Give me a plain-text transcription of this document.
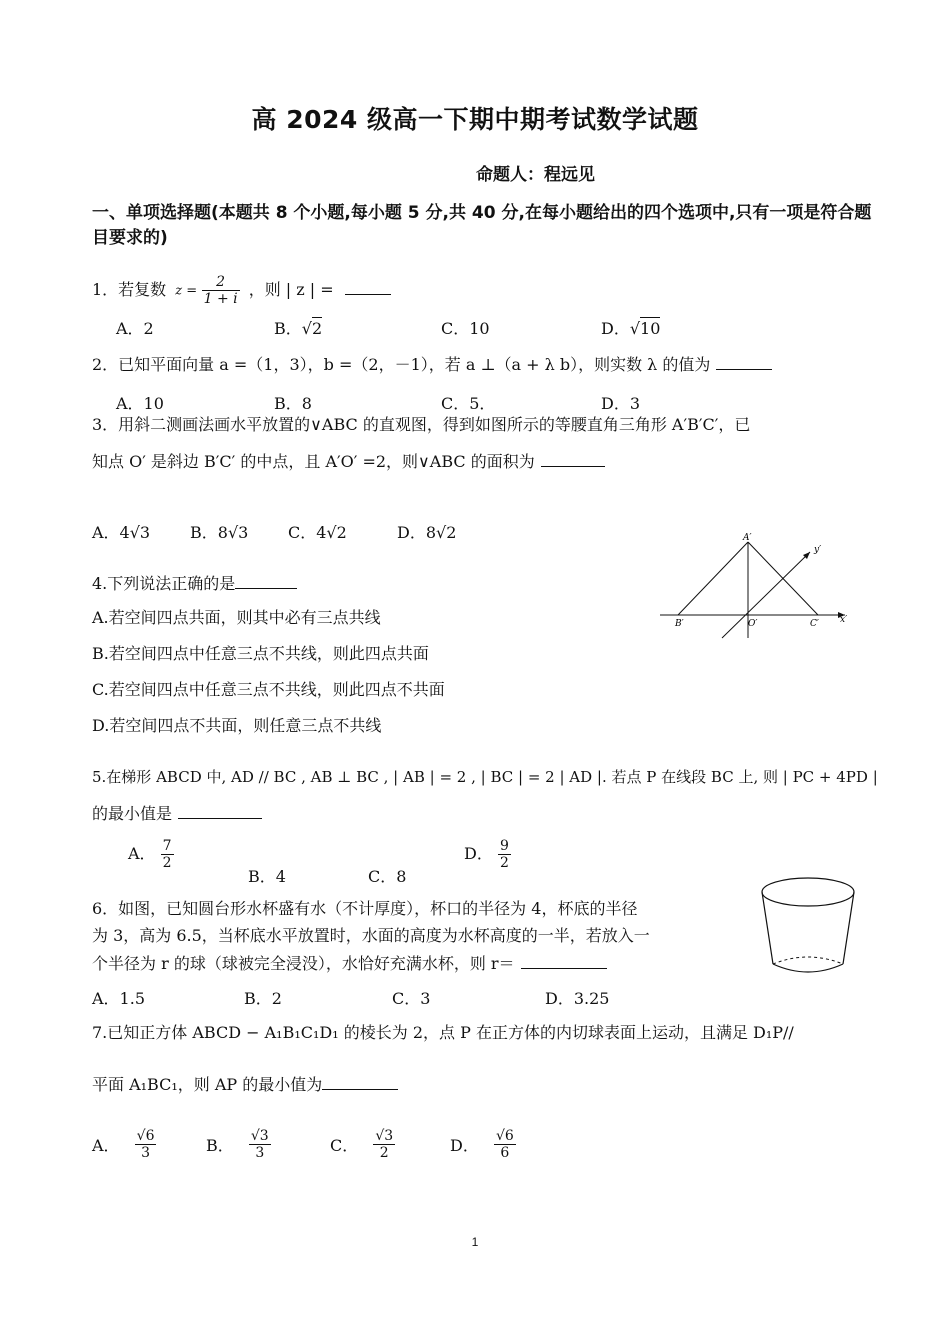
高 2024 级高一下期中期考试数学试题
命题人：程远见
一、单项选择题(本题共 8 个小题,每小题 5 分,共 40 分,在每小题给出的四个选项中,只有一项是符合题目要求的)
1．若复数 $z = \frac{2}{1 + i}$ ，则 | z | =
A．2	B．√2	C．10	D．√10
2．已知平面向量 a =（1，3），b =（2，－1），若 a ⊥（a + λ b），则实数 λ 的值为
A．10	B．8	C．5．	D．3
3．用斜二测画法画水平放置的∨ABC 的直观图，得到如图所示的等腰直角三角形 A′B′C′，已
知点 O′ 是斜边 B′C′ 的中点，且 A′O′ =2，则∨ABC 的面积为
A．4√3 B．8√3 C．4√2	D．8√2	A′
y′
B′	O′	C′ x′
4.下列说法正确的是
A.若空间四点共面，则其中必有三点共线
B.若空间四点中任意三点不共线，则此四点共面
C.若空间四点中任意三点不共线，则此四点不共面
D.若空间四点不共面，则任意三点不共线
5.在梯形 ABCD 中, AD // BC , AB ⊥ BC , | AB | = 2 , | BC | = 2 | AD |. 若点 P 在线段 BC 上, 则 | PC + 4PD |
的最小值是
A． $\frac{7}{2}$
B．4	C．8
D． $\frac{9}{2}$
6．如图，已知圆台形水杯盛有水（不计厚度），杯口的半径为 4，杯底的半径
为 3，高为 6.5，当杯底水平放置时，水面的高度为水杯高度的一半，若放入一
个半径为 r 的球（球被完全浸没），水恰好充满水杯，则 r＝
A．1.5	B．2	C．3	D．3.25
7.已知正方体 ABCD − A₁B₁C₁D₁ 的棱长为 2，点 P 在正方体的内切球表面上运动，且满足 D₁P//
平面 A₁BC₁，则 AP 的最小值为
A． $\frac{√6}{3}$	B． $\frac{√3}{3}$	C． $\frac{√3}{2}$	D． $\frac{√6}{6}$
1
